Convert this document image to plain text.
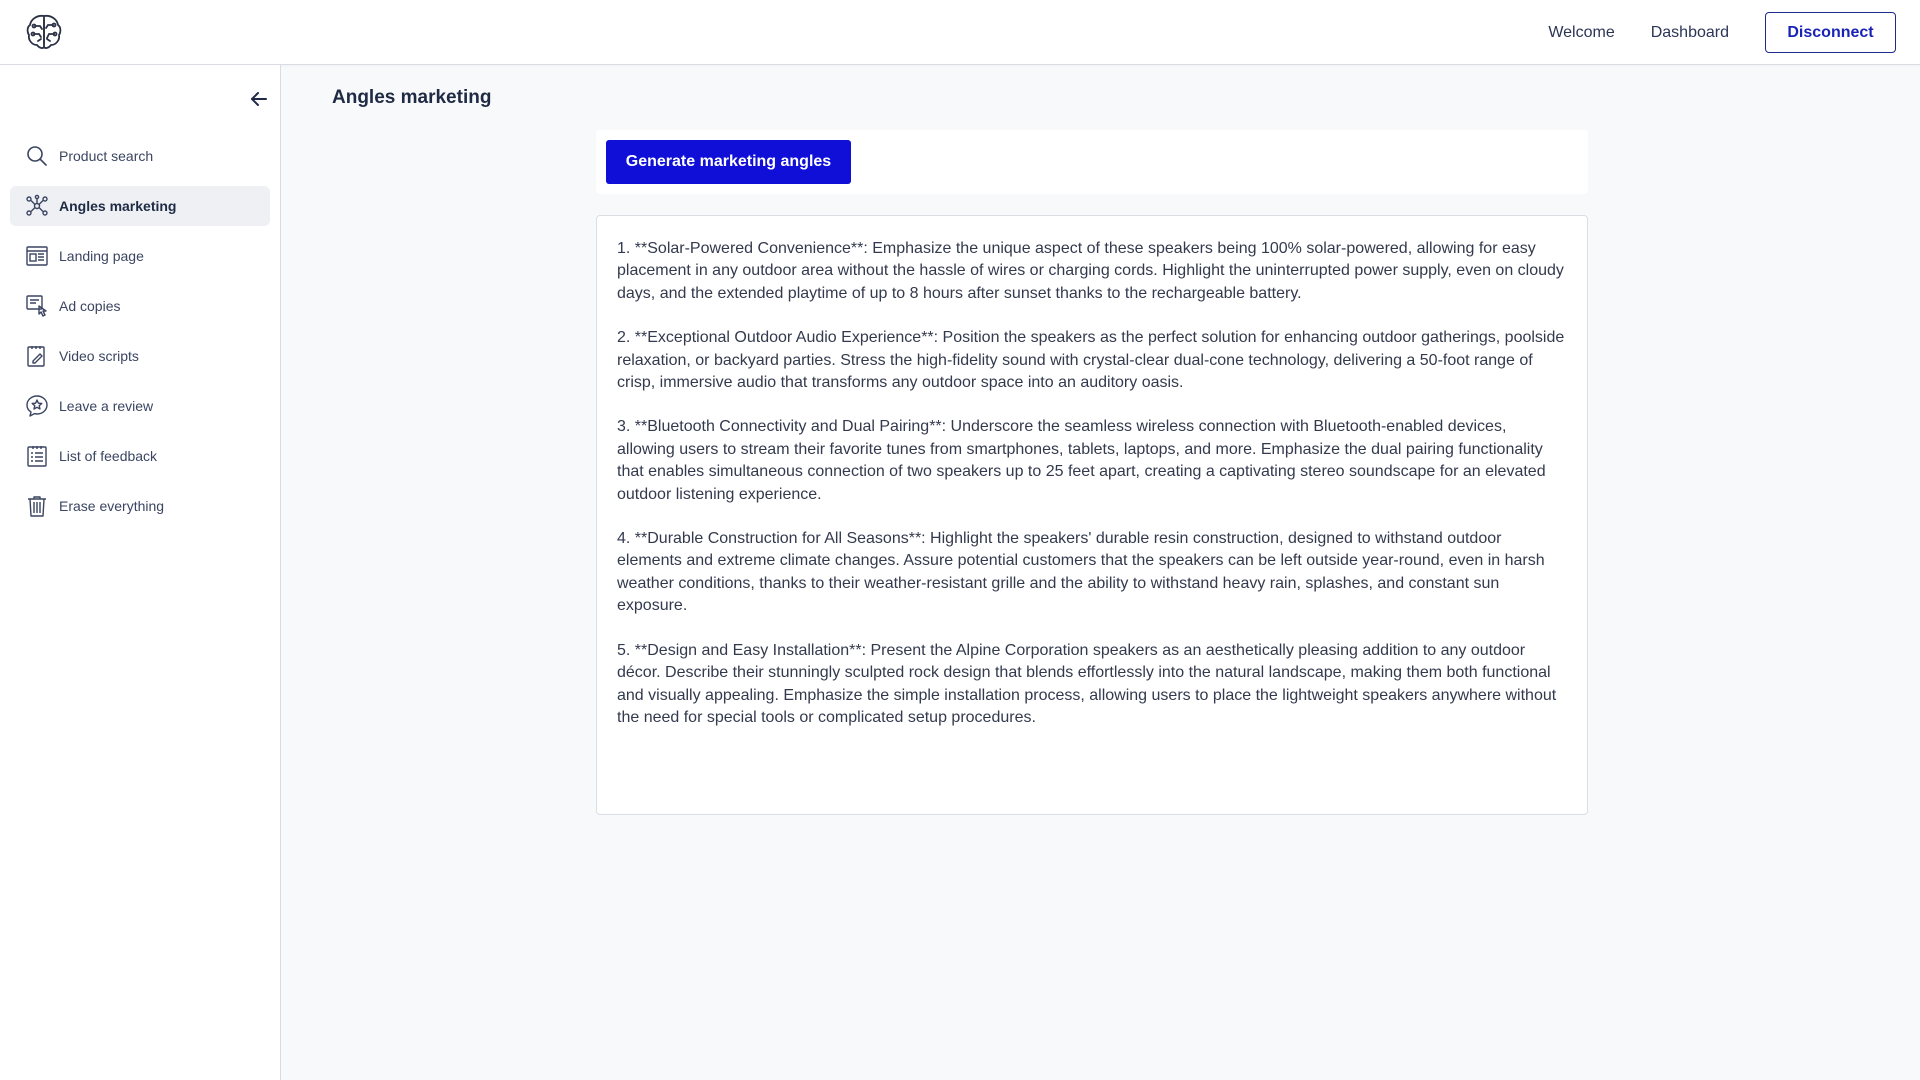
Welcome Dashboard	Disconnect
Product search
Angles marketing
Landing page
Ad copies
Video scripts
Leave a review
List of feedback
Erase everything
Angles marketing
Generate marketing angles

1. **Solar-Powered Convenience**: Emphasize the unique aspect of these speakers being 100% solar-powered, allowing for easy placement in any outdoor area without the hassle of wires or charging cords. Highlight the uninterrupted power supply, even on cloudy days, and the extended playtime of up to 8 hours after sunset thanks to the rechargeable battery.

2. **Exceptional Outdoor Audio Experience**: Position the speakers as the perfect solution for enhancing outdoor gatherings, poolside relaxation, or backyard parties. Stress the high-fidelity sound with crystal-clear dual-cone technology, delivering a 50-foot range of crisp, immersive audio that transforms any outdoor space into an auditory oasis.

3. **Bluetooth Connectivity and Dual Pairing**: Underscore the seamless wireless connection with Bluetooth-enabled devices, allowing users to stream their favorite tunes from smartphones, tablets, laptops, and more. Emphasize the dual pairing functionality that enables simultaneous connection of two speakers up to 25 feet apart, creating a captivating stereo soundscape for an elevated outdoor listening experience.

4. **Durable Construction for All Seasons**: Highlight the speakers' durable resin construction, designed to withstand outdoor elements and extreme climate changes. Assure potential customers that the speakers can be left outside year-round, even in harsh weather conditions, thanks to their weather-resistant grille and the ability to withstand heavy rain, splashes, and constant sun exposure.

5. **Design and Easy Installation**: Present the Alpine Corporation speakers as an aesthetically pleasing addition to any outdoor décor. Describe their stunningly sculpted rock design that blends effortlessly into the natural landscape, making them both functional and visually appealing. Emphasize the simple installation process, allowing users to place the lightweight speakers anywhere without the need for special tools or complicated setup procedures.
